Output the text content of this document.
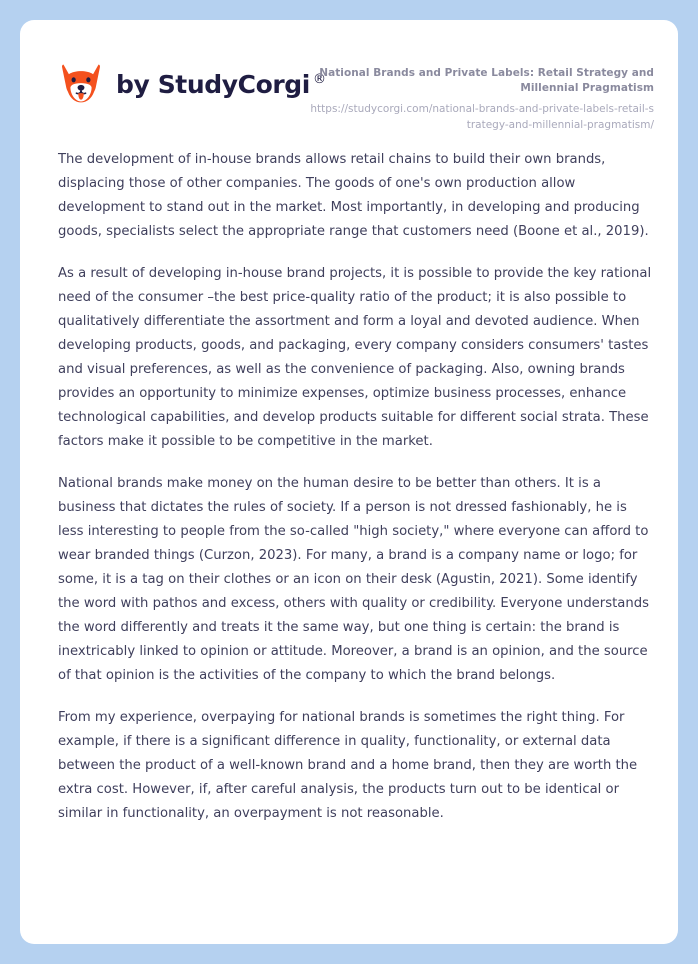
by StudyCorgi ®
National Brands and Private Labels: Retail Strategy and Millennial Pragmatism
https://studycorgi.com/national-brands-and-private-labels-retail-strategy-and-millennial-pragmatism/

The development of in-house brands allows retail chains to build their own brands, displacing those of other companies. The goods of one's own production allow development to stand out in the market. Most importantly, in developing and producing goods, specialists select the appropriate range that customers need (Boone et al., 2019).

As a result of developing in-house brand projects, it is possible to provide the key rational need of the consumer –the best price-quality ratio of the product; it is also possible to qualitatively differentiate the assortment and form a loyal and devoted audience. When developing products, goods, and packaging, every company considers consumers' tastes and visual preferences, as well as the convenience of packaging. Also, owning brands provides an opportunity to minimize expenses, optimize business processes, enhance technological capabilities, and develop products suitable for different social strata. These factors make it possible to be competitive in the market.

National brands make money on the human desire to be better than others. It is a business that dictates the rules of society. If a person is not dressed fashionably, he is less interesting to people from the so-called "high society," where everyone can afford to wear branded things (Curzon, 2023). For many, a brand is a company name or logo; for some, it is a tag on their clothes or an icon on their desk (Agustin, 2021). Some identify the word with pathos and excess, others with quality or credibility. Everyone understands the word differently and treats it the same way, but one thing is certain: the brand is inextricably linked to opinion or attitude. Moreover, a brand is an opinion, and the source of that opinion is the activities of the company to which the brand belongs.

From my experience, overpaying for national brands is sometimes the right thing. For example, if there is a significant difference in quality, functionality, or external data between the product of a well-known brand and a home brand, then they are worth the extra cost. However, if, after careful analysis, the products turn out to be identical or similar in functionality, an overpayment is not reasonable.
